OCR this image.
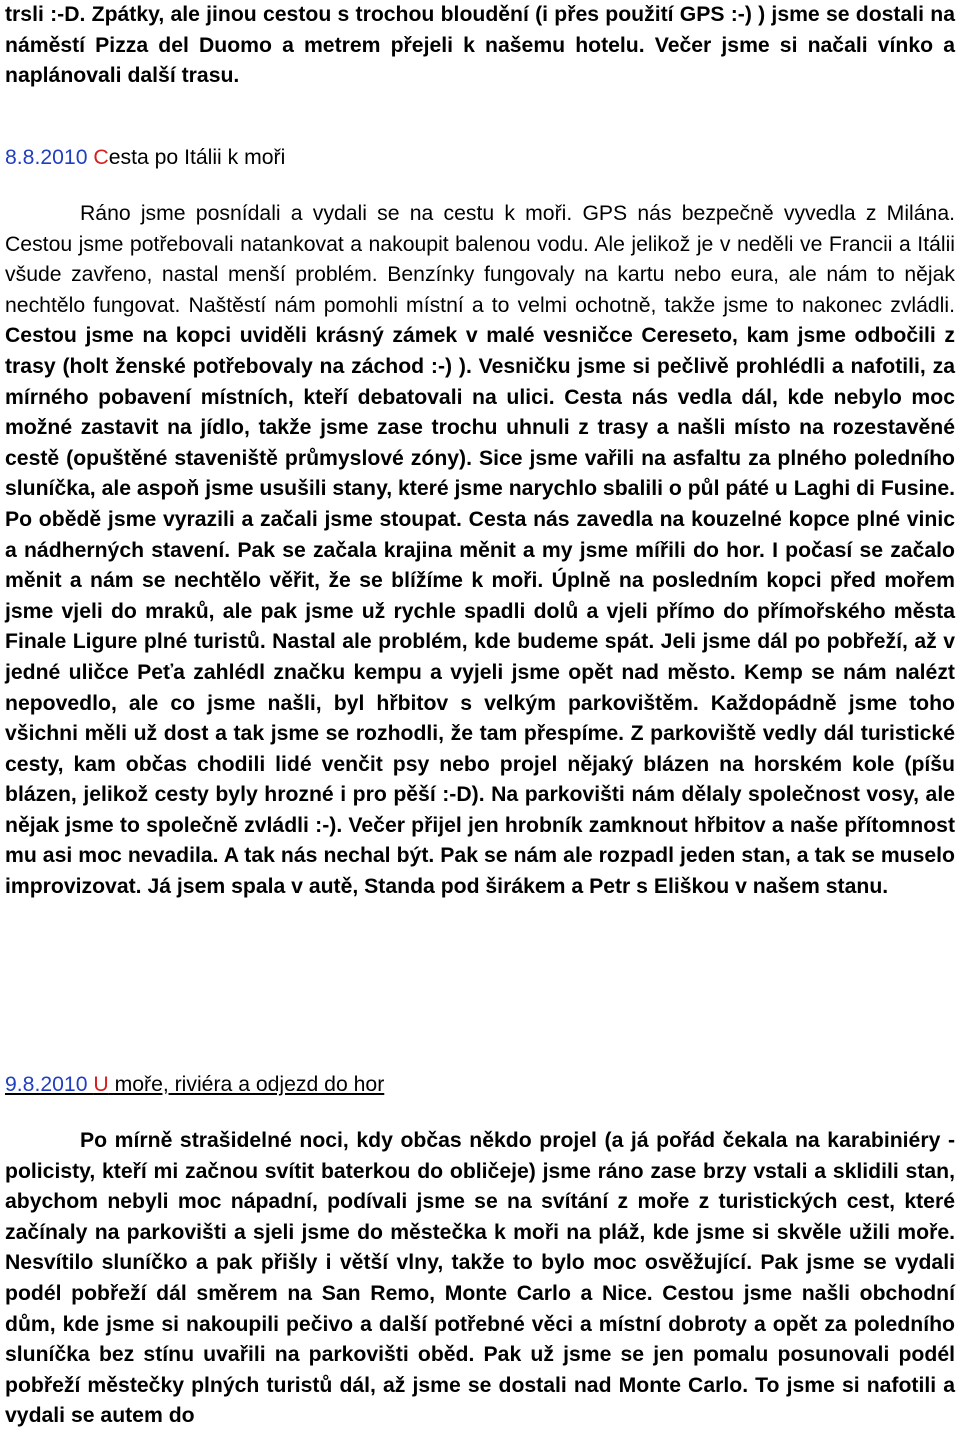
trsli :-D. Zpátky, ale jinou cestou s trochou bloudění (i přes použití GPS :-) ) jsme se dostali na náměstí Pizza del Duomo a metrem přejeli k našemu hotelu. Večer jsme si načali vínko a naplánovali další trasu.

8.8.2010 Cesta po Itálii k moři

Ráno jsme posnídali a vydali se na cestu k moři. GPS nás bezpečně vyvedla z Milána. Cestou jsme potřebovali natankovat a nakoupit balenou vodu. Ale jelikož je v neděli ve Francii a Itálii všude zavřeno, nastal menší problém. Benzínky fungovaly na kartu nebo eura, ale nám to nějak nechtělo fungovat. Naštěstí nám pomohli místní a to velmi ochotně, takže jsme to nakonec zvládli. Cestou jsme na kopci uviděli krásný zámek v malé vesničce Cereseto, kam jsme odbočili z trasy (holt ženské potřebovaly na záchod :-) ). Vesničku jsme si pečlivě prohlédli a nafotili, za mírného pobavení místních, kteří debatovali na ulici. Cesta nás vedla dál, kde nebylo moc možné zastavit na jídlo, takže jsme zase trochu uhnuli z trasy a našli místo na rozestavěné cestě (opuštěné staveniště průmyslové zóny). Sice jsme vařili na asfaltu za plného poledního sluníčka, ale aspoň jsme usušili stany, které jsme narychlo sbalili o půl páté u Laghi di Fusine. Po obědě jsme vyrazili a začali jsme stoupat. Cesta nás zavedla na kouzelné kopce plné vinic a nádherných stavení. Pak se začala krajina měnit a my jsme mířili do hor. I počasí se začalo měnit a nám se nechtělo věřit, že se blížíme k moři. Úplně na posledním kopci před mořem jsme vjeli do mraků, ale pak jsme už rychle spadli dolů a vjeli přímo do přímořského města Finale Ligure plné turistů. Nastal ale problém, kde budeme spát. Jeli jsme dál po pobřeží, až v jedné uličce Peťa zahlédl značku kempu a vyjeli jsme opět nad město. Kemp se nám nalézt nepovedlo, ale co jsme našli, byl hřbitov s velkým parkovištěm. Každopádně jsme toho všichni měli už dost a tak jsme se rozhodli, že tam přespíme. Z parkoviště vedly dál turistické cesty, kam občas chodili lidé venčit psy nebo projel nějaký blázen na horském kole (píšu blázen, jelikož cesty byly hrozné i pro pěší :-D). Na parkovišti nám dělaly společnost vosy, ale nějak jsme to společně zvládli :-). Večer přijel jen hrobník zamknout hřbitov a naše přítomnost mu asi moc nevadila. A tak nás nechal být. Pak se nám ale rozpadl jeden stan, a tak se muselo improvizovat. Já jsem spala v autě, Standa pod širákem a Petr s Eliškou v našem stanu.

9.8.2010 U moře, riviéra a odjezd do hor

Po mírně strašidelné noci, kdy občas někdo projel (a já pořád čekala na karabiniéry - policisty, kteří mi začnou svítit baterkou do obličeje) jsme ráno zase brzy vstali a sklidili stan, abychom nebyli moc nápadní, podívali jsme se na svítání z moře z turistických cest, které začínaly na parkovišti a sjeli jsme do městečka k moři na pláž, kde jsme si skvěle užili moře. Nesvítilo sluníčko a pak přišly i větší vlny, takže to bylo moc osvěžující. Pak jsme se vydali podél pobřeží dál směrem na San Remo, Monte Carlo a Nice. Cestou jsme našli obchodní dům, kde jsme si nakoupili pečivo a další potřebné věci a místní dobroty a opět za poledního sluníčka bez stínu uvařili na parkovišti oběd. Pak už jsme se jen pomalu posunovali podél pobřeží městečky plných turistů dál, až jsme se dostali nad Monte Carlo. To jsme si nafotili a vydali se autem do
